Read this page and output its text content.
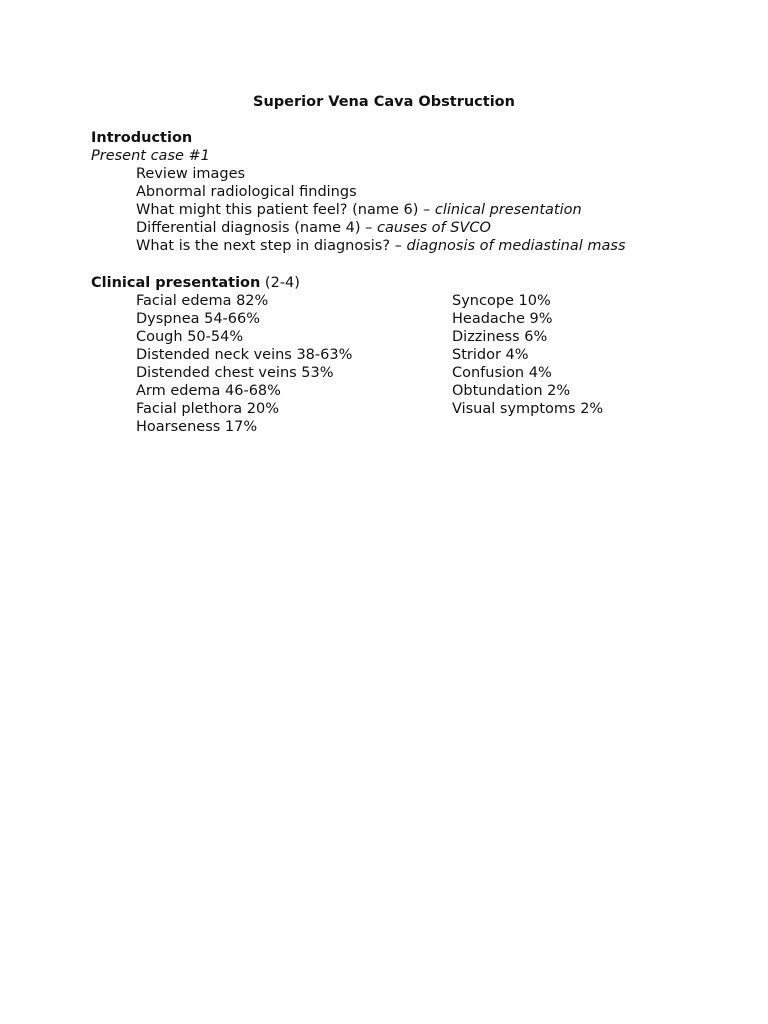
Superior Vena Cava Obstruction
Introduction
Present case #1
Review images
Abnormal radiological findings
What might this patient feel? (name 6) – clinical presentation
Differential diagnosis (name 4) – causes of SVCO
What is the next step in diagnosis? – diagnosis of mediastinal mass
Clinical presentation (2-4)
Facial edema 82%
Dyspnea 54-66%
Cough 50-54%
Distended neck veins 38-63%
Distended chest veins 53%
Arm edema 46-68%
Facial plethora 20%
Hoarseness 17%
Syncope 10%
Headache 9%
Dizziness 6%
Stridor 4%
Confusion 4%
Obtundation 2%
Visual symptoms 2%
